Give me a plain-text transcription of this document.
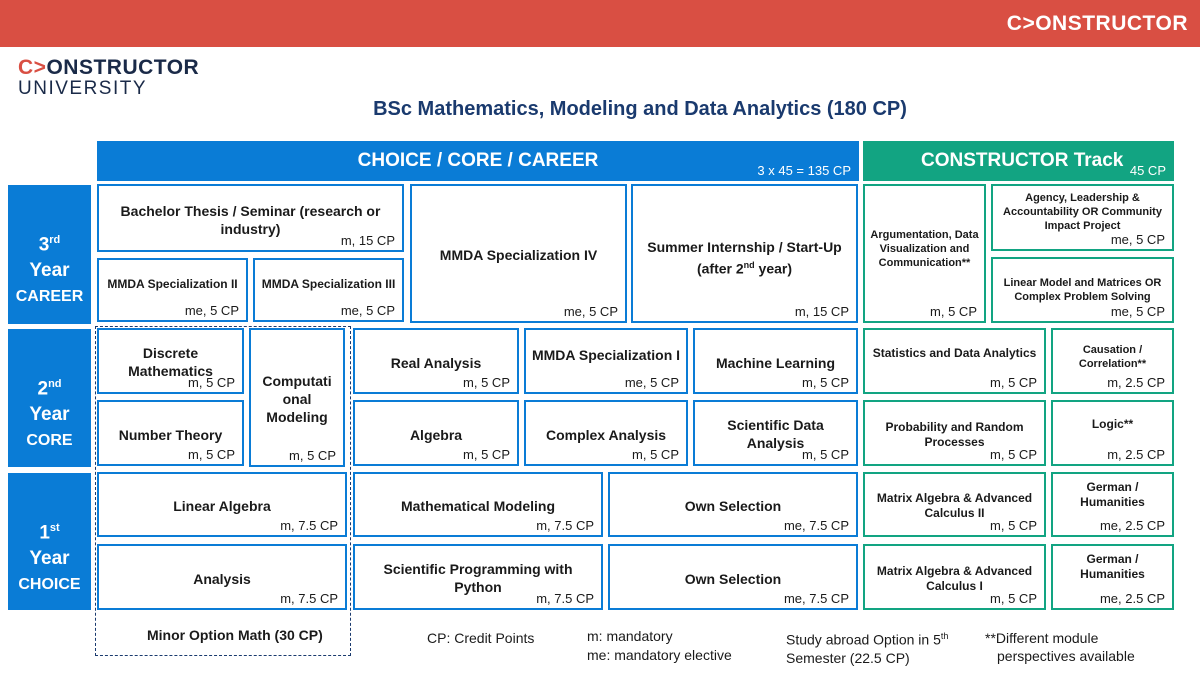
C>ONSTRUCTOR
C>ONSTRUCTOR
UNIVERSITY
BSc Mathematics, Modeling and Data Analytics (180 CP)
CHOICE / CORE / CAREER	3 x 45 = 135 CP	CONSTRUCTOR Track 45 CP
3rd
Year
CAREER
2nd
Year
CORE
1st
Year
CHOICE
Bachelor Thesis / Seminar (research or industry)
m, 15 CP
MMDA Specialization II
me, 5 CP
MMDA Specialization III
me, 5 CP
MMDA Specialization IV
me, 5 CP
Summer Internship / Start-Up (after 2nd year)
m, 15 CP
Argumentation, Data Visualization and Communication**
m, 5 CP
Agency, Leadership & Accountability OR Community Impact Project
me, 5 CP
Linear Model and Matrices OR Complex Problem Solving
me, 5 CP
Discrete Mathematics
m, 5 CP	Computati onal Modeling
m, 5 CP
Number Theory
m, 5 CP
Real Analysis
m, 5 CP
MMDA Specialization I
me, 5 CP
Machine Learning
m, 5 CP
Algebra
m, 5 CP
Complex Analysis
m, 5 CP
Scientific Data Analysis
m, 5 CP
Statistics and Data Analytics
m, 5 CP
Causation / Correlation**
m, 2.5 CP
Probability and Random Processes
m, 5 CP
Logic**
m, 2.5 CP
Linear Algebra
m, 7.5 CP
Mathematical Modeling
m, 7.5 CP
Own Selection
me, 7.5 CP
Matrix Algebra & Advanced Calculus II
m, 5 CP
German / Humanities
me, 2.5 CP
Analysis
m, 7.5 CP
Scientific Programming with Python
m, 7.5 CP
Own Selection
me, 7.5 CP
Matrix Algebra & Advanced Calculus I
m, 5 CP
German / Humanities
me, 2.5 CP
Minor Option Math (30 CP)	CP: Credit Points	m: mandatory
me: mandatory elective
Study abroad Option in 5th
Semester (22.5 CP)
**Different module
perspectives available
